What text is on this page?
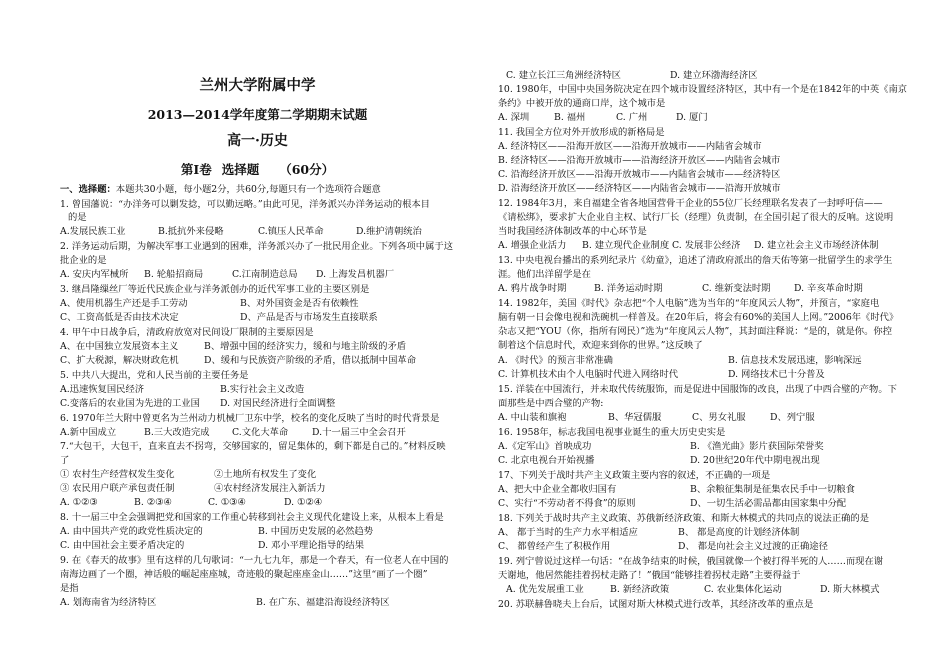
兰州大学附属中学
2013—2014学年度第二学期期末试题
高一·历史
第Ⅰ卷 选择题 （60分）
一、选择题：本题共30小题，每小题2分，共60分,每题只有一个选项符合题意
1. 曾国藩说：“办洋务可以剿发捻，可以勤远略。”由此可见，洋务派兴办洋务运动的根本目
的是
A.发展民族工业	B.抵抗外来侵略	C.镇压人民革命	D.维护清朝统治
2. 洋务运动后期，为解决军事工业遇到的困难，洋务派兴办了一批民用企业。下列各项中属于这
批企业的是
A. 安庆内军械所 B. 轮船招商局	C.江南制造总局 D. 上海发昌机器厂
3. 继昌隆缫丝厂等近代民族企业与洋务派创办的近代军事工业的主要区别是
A、使用机器生产还是手工劳动	B、对外国资金是否有依赖性
C、工资高低是否由技术决定	D、产品是否与市场发生直接联系
4. 甲午中日战争后，清政府放宽对民间设厂限制的主要原因是
A、在中国独立发展资本主义	B、增强中国的经济实力，缓和与地主阶级的矛盾
C、扩大税源，解决财政危机	D、缓和与民族资产阶级的矛盾，借以抵制中国革命
5. 中共八大提出，党和人民当前的主要任务是
A.迅速恢复国民经济	B.实行社会主义改造
C.变落后的农业国为先进的工业国 D. 对国民经济进行全面调整
6. 1970年兰大附中曾更名为兰州动力机械厂卫东中学，校名的变化反映了当时的时代背景是
A.新中国成立	B.三大改造完成 C.文化大革命	D.十一届三中全会召开
7.“大包干，大包干，直来直去不拐弯，交够国家的，留足集体的，剩下都是自己的。”材料反映
了
① 农村生产经营权发生变化	②土地所有权发生了变化
③ 农民用户联产承包责任制	④农村经济发展注入新活力
A. ①②③	B. ②③④	C. ①③④	D. ①②④
8. 十一届三中全会强调把党和国家的工作重心转移到社会主义现代化建设上来，从根本上看是
A. 由中国共产党的政党性质决定的	B. 中国历史发展的必然趋势
C. 由中国社会主要矛盾决定的	D. 邓小平理论指导的结果
9. 在《春天的故事》里有这样的几句歌词：“一九七九年，那是一个春天，有一位老人在中国的
南海边画了一个圈，神话般的崛起座座城，奇迹般的聚起座座金山……”这里“画了一个圈”
是指
A. 划海南省为经济特区	B. 在广东、福建沿海设经济特区
C. 建立长江三角洲经济特区	D. 建立环渤海经济区
10. 1980年，中国中央国务院决定在四个城市设置经济特区，其中有一个是在1842年的中英《南京
条约》中被开放的通商口岸，这个城市是
A. 深圳	B. 福州	C. 广州	D. 厦门
11. 我国全方位对外开放形成的新格局是
A. 经济特区——沿海开放区——沿海开放城市——内陆省会城市
B. 经济特区——沿海开放城市——沿海经济开放区——内陆省会城市
C. 沿海经济开放区——沿海开放城市——内陆省会城市——经济特区
D. 沿海经济开放区——经济特区——内陆省会城市——沿海开放城市
12. 1984年3月，来自福建全省各地国营骨干企业的55位厂长经理联名发表了一封呼吁信——
《请松绑》，要求扩大企业自主权、试行厂长（经理）负责制，在全国引起了很大的反响。这说明
当时我国经济体制改革的中心环节是
A. 增强企业活力 B. 建立现代企业制度 C. 发展非公经济 D. 建立社会主义市场经济体制
13. 中央电视台播出的系列纪录片《幼童》，追述了清政府派出的詹天佑等第一批留学生的求学生
涯。他们出洋留学是在
A. 鸦片战争时期	B. 洋务运动时期	C. 维新变法时期	D. 辛亥革命时期
14. 1982年，美国《时代》杂志把“个人电脑”选为当年的“年度风云人物”，并预言，“家庭电
脑有朝一日会像电视和洗碗机一样普及。在20年后，将会有60%的美国人上网。”2006年《时代》
杂志又把“YOU（你，指所有网民）”选为“年度风云人物”，其封面注释说：“是的，就是你。你控
制着这个信息时代，欢迎来到你的世界。”这反映了
A. 《时代》的预言非常准确	B. 信息技术发展迅速，影响深远
C. 计算机技术由个人电脑时代进入网络时代	D. 网络技术已十分普及
15. 洋装在中国流行，并未取代传统服饰，而是促进中国服饰的改良，出现了中西合璧的产物。下
面那些是中西合璧的产物:
A. 中山装和旗袍	B、华冠儒服	C、男女礼服	D、列宁服
16. 1958年，标志我国电视事业诞生的重大历史史实是
A.《定军山》首映成功	B. 《渔光曲》影片获国际荣誉奖
C. 北京电视台开始视播	D. 20世纪20年代中期电视出现
17、下列关于战时共产主义政策主要内容的叙述，不正确的一项是
A、把大中企业全都收归国有	B、余粮征集制是征集农民手中一切粮食
C、实行“不劳动者不得食”的原则	D、一切生活必需品都由国家集中分配
18. 下列关于战时共产主义政策、苏俄新经济政策、和斯大林模式的共同点的说法正确的是
A、 都于当时的生产力水平相适应	B、 都是高度的计划经济体制
C、 都曾经产生了积极作用	D、 都是向社会主义过渡的正确途径
19. 列宁曾说过这样一句话：“在战争结束的时候，俄国就像一个被打得半死的人……而现在谢
天谢地，他居然能挂着拐杖走路了！”俄国“能够挂着拐杖走路”主要得益于
A. 优先发展重工业	B. 新经济政策	C. 农业集体化运动	D. 斯大林模式
20. 苏联赫鲁晓夫上台后，试图对斯大林模式进行改革，其经济改革的重点是
